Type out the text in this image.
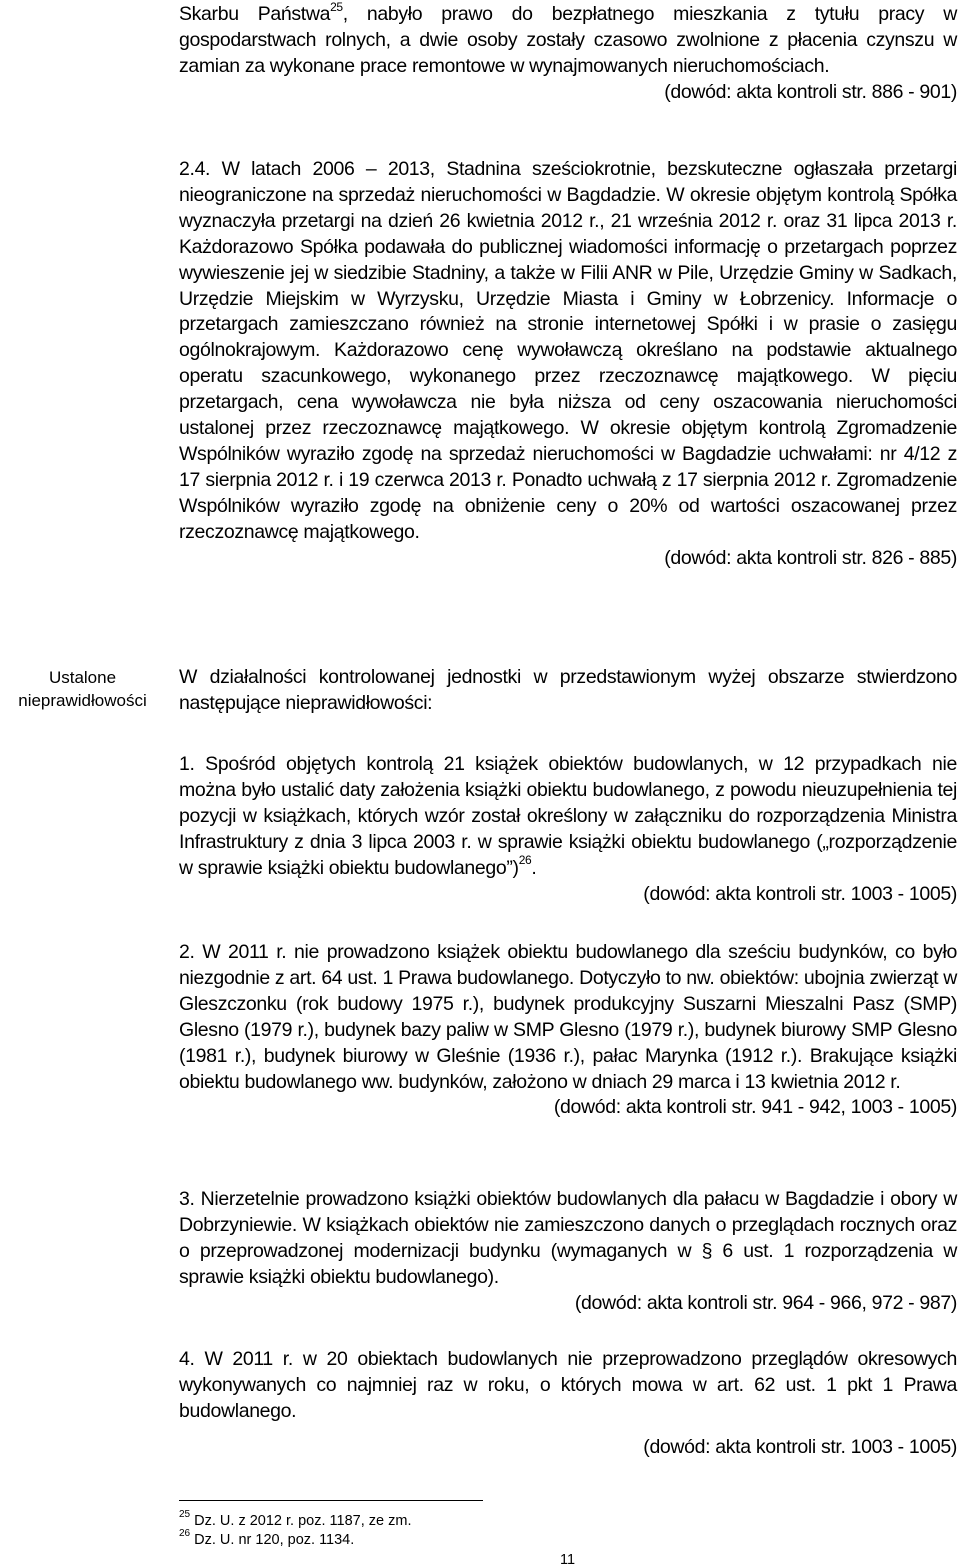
Skarbu Państwa$^{25}$, nabyło prawo do bezpłatnego mieszkania z tytułu pracy w gospodarstwach rolnych, a dwie osoby zostały czasowo zwolnione z płacenia czynszu w zamian za wykonane prace remontowe w wynajmowanych nieruchomościach.
(dowód: akta kontroli str. 886 - 901)
2.4. W latach 2006 – 2013, Stadnina sześciokrotnie, bezskuteczne ogłaszała przetargi nieograniczone na sprzedaż nieruchomości w Bagdadzie. W okresie objętym kontrolą Spółka wyznaczyła przetargi na dzień 26 kwietnia 2012 r., 21 września 2012 r. oraz 31 lipca 2013 r. Każdorazowo Spółka podawała do publicznej wiadomości informację o przetargach poprzez wywieszenie jej w siedzibie Stadniny, a także w Filii ANR w Pile, Urzędzie Gminy w Sadkach, Urzędzie Miejskim w Wyrzysku, Urzędzie Miasta i Gminy w Łobrzenicy. Informacje o przetargach zamieszczano również na stronie internetowej Spółki i w prasie o zasięgu ogólnokrajowym. Każdorazowo cenę wywoławczą określano na podstawie aktualnego operatu szacunkowego, wykonanego przez rzeczoznawcę majątkowego. W pięciu przetargach, cena wywoławcza nie była niższa od ceny oszacowania nieruchomości ustalonej przez rzeczoznawcę majątkowego. W okresie objętym kontrolą Zgromadzenie Wspólników wyraziło zgodę na sprzedaż nieruchomości w Bagdadzie uchwałami: nr 4/12 z 17 sierpnia 2012 r. i 19 czerwca 2013 r. Ponadto uchwałą z 17 sierpnia 2012 r. Zgromadzenie Wspólników wyraziło zgodę na obniżenie ceny o 20% od wartości oszacowanej przez rzeczoznawcę majątkowego.
(dowód: akta kontroli str. 826 - 885)
W działalności kontrolowanej jednostki w przedstawionym wyżej obszarze stwierdzono następujące nieprawidłowości:
1. Spośród objętych kontrolą 21 książek obiektów budowlanych, w 12 przypadkach nie można było ustalić daty założenia książki obiektu budowlanego, z powodu nieuzupełnienia tej pozycji w książkach, których wzór został określony w załączniku do rozporządzenia Ministra Infrastruktury z dnia 3 lipca 2003 r. w sprawie książki obiektu budowlanego („rozporządzenie w sprawie książki obiektu budowlanego”)$^{26}$.
(dowód: akta kontroli str. 1003 - 1005)
2. W 2011 r. nie prowadzono książek obiektu budowlanego dla sześciu budynków, co było niezgodnie z art. 64 ust. 1 Prawa budowlanego. Dotyczyło to nw. obiektów: ubojnia zwierząt w Gleszczonku (rok budowy 1975 r.), budynek produkcyjny Suszarni Mieszalni Pasz (SMP) Glesno (1979 r.), budynek bazy paliw w SMP Glesno (1979 r.), budynek biurowy SMP Glesno (1981 r.), budynek biurowy w Gleśnie (1936 r.), pałac Marynka (1912 r.). Brakujące książki obiektu budowlanego ww. budynków, założono w dniach 29 marca i 13 kwietnia 2012 r.
(dowód: akta kontroli str. 941 - 942, 1003 - 1005)
3. Nierzetelnie prowadzono książki obiektów budowlanych dla pałacu w Bagdadzie i obory w Dobrzyniewie. W książkach obiektów nie zamieszczono danych o przeglądach rocznych oraz o przeprowadzonej modernizacji budynku (wymaganych w § 6 ust. 1 rozporządzenia w sprawie książki obiektu budowlanego).
(dowód: akta kontroli str. 964 - 966, 972 - 987)
4. W 2011 r. w 20 obiektach budowlanych nie przeprowadzono przeglądów okresowych wykonywanych co najmniej raz w roku, o których mowa w art. 62 ust. 1 pkt 1 Prawa budowlanego.
(dowód: akta kontroli str. 1003 - 1005)
Ustalone
nieprawidłowości
$^{25}$ Dz. U. z 2012 r. poz. 1187, ze zm.
$^{26}$ Dz. U. nr 120, poz. 1134.
11
